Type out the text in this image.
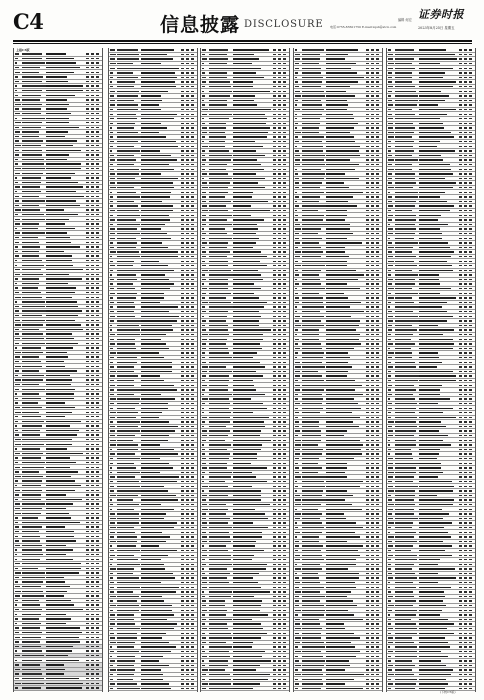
C4	信息披露 DISCLOSURE 电话:0755-83501750 E-mail:zqsb@stcn.com
编辑 何宏 证券时报
2023年8月25日 星期五
上接C3版
(下转C5版)
